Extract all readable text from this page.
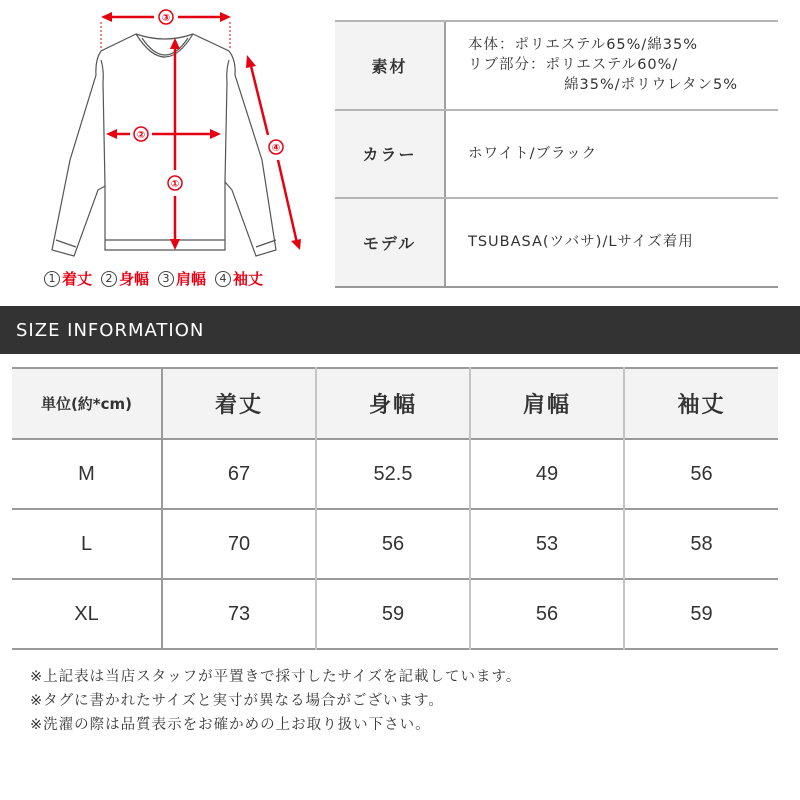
③
②
①
④
1 着丈	2 身幅	3 肩幅	4 袖丈
素材
本体：ポリエステル65%/綿35%
リブ部分：ポリエステル60%/
綿35%/ポリウレタン5%
カラー	ホワイト/ブラック
モデル	TSUBASA(ツバサ)/Lサイズ着用
SIZE INFORMATION
単位(約*cm)	着丈	身幅	肩幅	袖丈
M	67	52.5	49	56
L	70	56	53	58
XL	73	59	56	59
※上記表は当店スタッフが平置きで採寸したサイズを記載しています。
※タグに書かれたサイズと実寸が異なる場合がございます。
※洗濯の際は品質表示をお確かめの上お取り扱い下さい。
